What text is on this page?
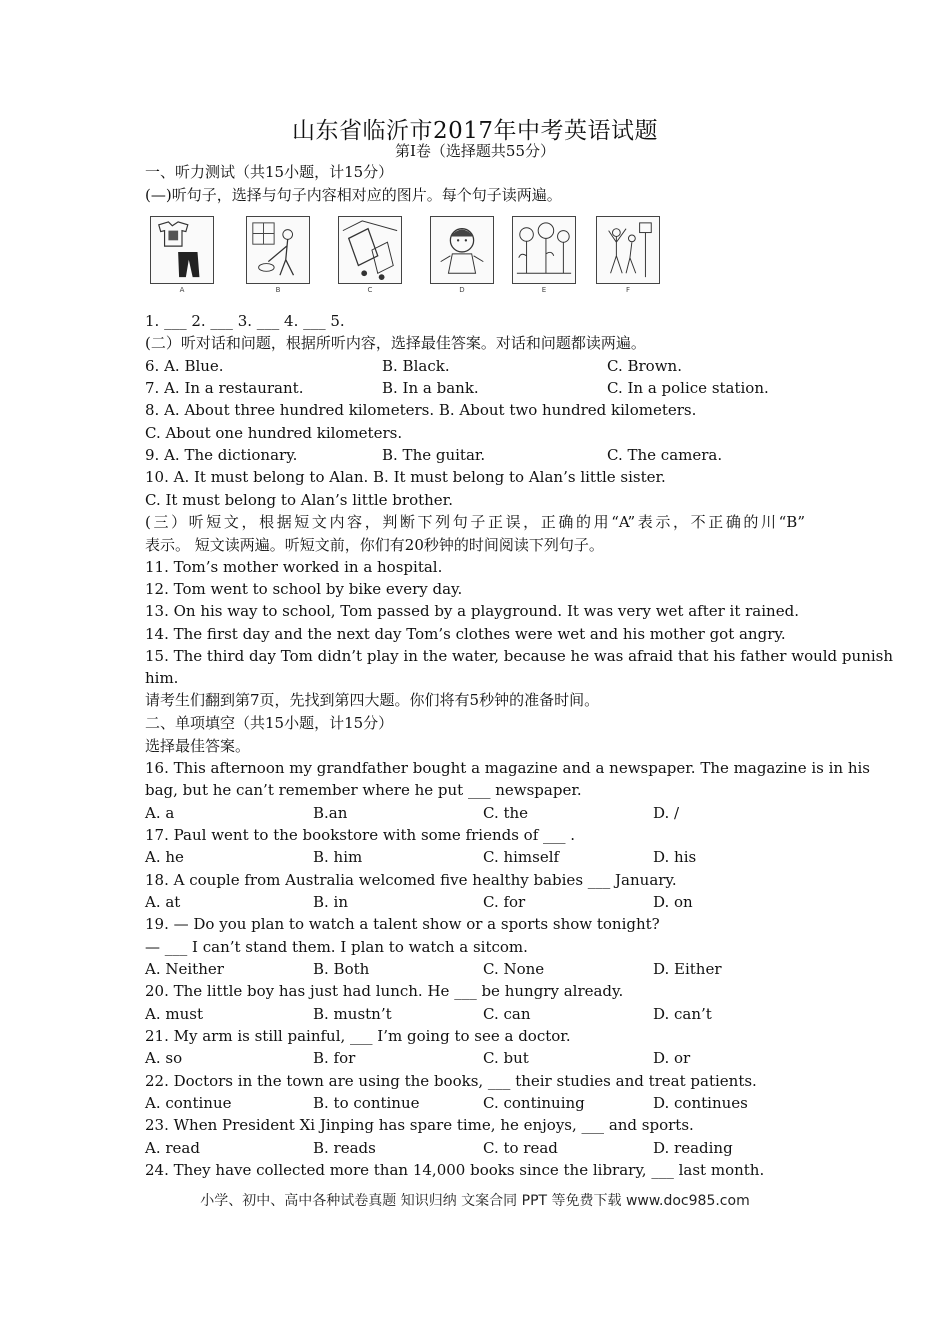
山东省临沂市2017年中考英语试题
第Ⅰ卷（选择题共55分）
一、听力测试（共15小题，计15分）
(—)听句子，选择与句子内容相对应的图片。每个句子读两遍。
A	B	C	D	E	F
1. ___ 2. ___ 3. ___ 4. ___ 5.
(二）听对话和问题，根据所听内容，选择最佳答案。对话和问题都读两遍。
6. A. Blue.	B. Black.	C. Brown.
7. A. In a restaurant.	B. In a bank.	C. In a police station.
8. A. About three hundred kilometers. B. About two hundred kilometers.
C. About one hundred kilometers.
9. A. The dictionary.	B. The guitar.	C. The camera.
10. A. It must belong to Alan. B. It must belong to Alan’s little sister.
C. It must belong to Alan’s little brother.
(三）听短文，根据短文内容，判断下列句子正误，正确的用“A”表示，不正确的川“B”
表示。 短文读两遍。听短文前，你们有20秒钟的时间阅读下列句子。
11. Tom’s mother worked in a hospital.
12. Tom went to school by bike every day.
13. On his way to school, Tom passed by a playground. It was very wet after it rained.
14. The first day and the next day Tom’s clothes were wet and his mother got angry.
15. The third day Tom didn’t play in the water, because he was afraid that his father would punish
him.
请考生们翻到第7页，先找到第四大题。你们将有5秒钟的准备时间。
二、单项填空（共15小题，计15分）
选择最佳答案。
16. This afternoon my grandfather bought a magazine and a newspaper. The magazine is in his
bag, but he can’t remember where he put ___ newspaper.
A. a	B.an	C. the	D. /
17. Paul went to the bookstore with some friends of ___ .
A. he	B. him	C. himself	D. his
18. A couple from Australia welcomed five healthy babies ___ January.
A. at	B. in	C. for	D. on
19. — Do you plan to watch a talent show or a sports show tonight?
— ___ I can’t stand them. I plan to watch a sitcom.
A. Neither	B. Both	C. None	D. Either
20. The little boy has just had lunch. He ___ be hungry already.
A. must	B. mustn’t	C. can	D. can’t
21. My arm is still painful, ___ I’m going to see a doctor.
A. so	B. for	C. but	D. or
22. Doctors in the town are using the books, ___ their studies and treat patients.
A. continue	B. to continue	C. continuing	D. continues
23. When President Xi Jinping has spare time, he enjoys, ___ and sports.
A. read	B. reads	C. to read	D. reading
24. They have collected more than 14,000 books since the library, ___ last month.
小学、初中、高中各种试卷真题 知识归纳 文案合同 PPT 等免费下载 www.doc985.com
